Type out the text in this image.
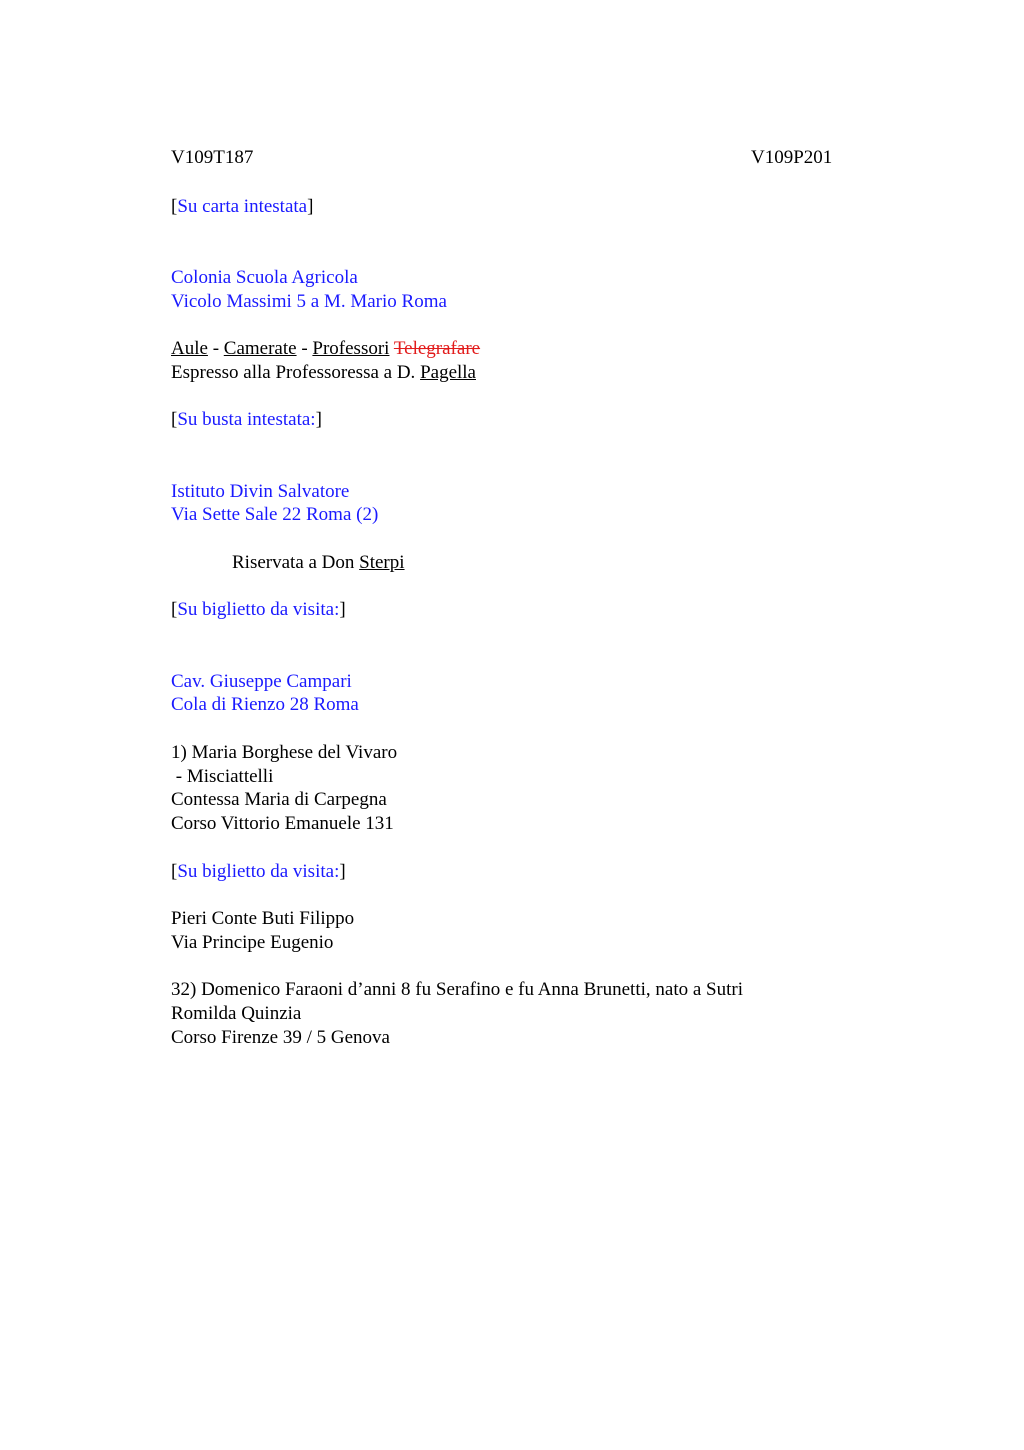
V109T187	V109P201
[Su carta intestata]
Colonia Scuola Agricola
Vicolo Massimi 5 a M. Mario Roma
Aule - Camerate - Professori Telegrafare
Espresso alla Professoressa a D. Pagella
[Su busta intestata:]
Istituto Divin Salvatore
Via Sette Sale 22 Roma (2)
Riservata a Don Sterpi
[Su biglietto da visita:]
Cav. Giuseppe Campari
Cola di Rienzo 28 Roma
1) Maria Borghese del Vivaro
- Misciattelli
Contessa Maria di Carpegna
Corso Vittorio Emanuele 131
[Su biglietto da visita:]
Pieri Conte Buti Filippo
Via Principe Eugenio
32) Domenico Faraoni d’anni 8 fu Serafino e fu Anna Brunetti, nato a Sutri
Romilda Quinzia
Corso Firenze 39 / 5 Genova
